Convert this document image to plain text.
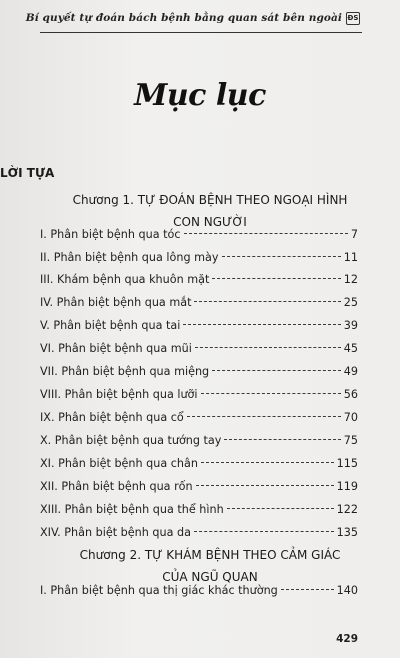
Bí quyết tự đoán bách bệnh bằng quan sát bên ngoài ĐS
Mục lục
LỜI TỰA
Chương 1. TỰ ĐOÁN BỆNH THEO NGOẠI HÌNH
CON NGƯỜI
I. Phân biệt bệnh qua tóc	7
II. Phân biệt bệnh qua lông mày	11
III. Khám bệnh qua khuôn mặt	12
IV. Phân biệt bệnh qua mắt	25
V. Phân biệt bệnh qua tai	39
VI. Phân biệt bệnh qua mũi	45
VII. Phân biệt bệnh qua miệng	49
VIII. Phân biệt bệnh qua lưỡi	56
IX. Phân biệt bệnh qua cổ	70
X. Phân biệt bệnh qua tướng tay	75
XI. Phân biệt bệnh qua chân	115
XII. Phân biệt bệnh qua rốn	119
XIII. Phân biệt bệnh qua thể hình	122
XIV. Phân biệt bệnh qua da	135
Chương 2. TỰ KHÁM BỆNH THEO CẢM GIÁC
CỦA NGŨ QUAN
I. Phân biệt bệnh qua thị giác khác thường	140
429
